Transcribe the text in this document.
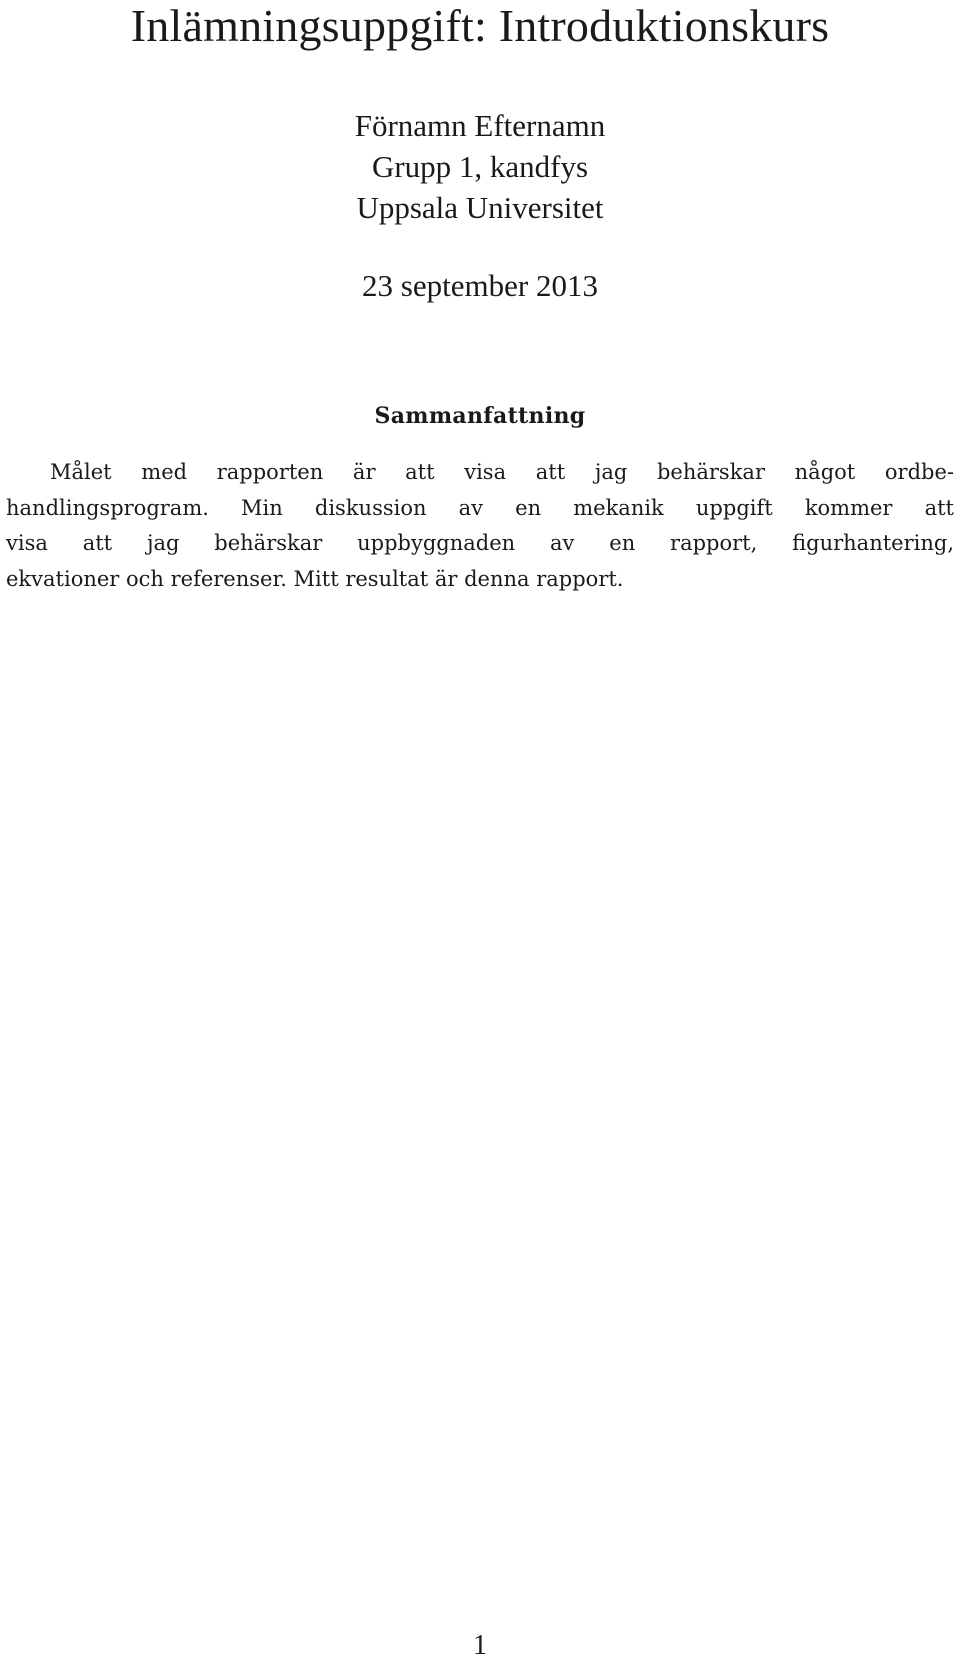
Inlämningsuppgift: Introduktionskurs
Förnamn Efternamn
Grupp 1, kandfys
Uppsala Universitet
23 september 2013
Sammanfattning
Målet med rapporten är att visa att jag behärskar något ordbe-
handlingsprogram. Min diskussion av en mekanik uppgift kommer att
visa att jag behärskar uppbyggnaden av en rapport, figurhantering,
ekvationer och referenser. Mitt resultat är denna rapport.
1
